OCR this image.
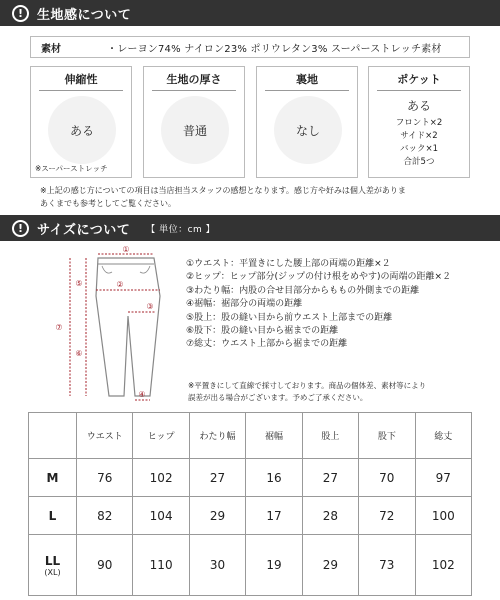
!	生地感について
素材	・レーヨン74% ナイロン23% ポリウレタン3% スーパーストレッチ素材
伸縮性
ある
※スーパーストレッチ
生地の厚さ
普通
裏地
なし
ポケット
ある
フロント×2
サイド×2
バック×1
合計5つ
※上記の感じ方についての項目は当店担当スタッフの感想となります。感じ方や好みは個人差がありま
あくまでも参考としてご覧ください。
!	サイズについて 【 単位：cm 】
①
②
③
④
⑤
⑥
⑦
①ウエスト：平置きにした腰上部の両端の距離×２
②ヒップ：ヒップ部分(ジップの付け根をめやす)の両端の距離×２
③わたり幅：内股の合せ目部分からももの外側までの距離
④裾幅：裾部分の両端の距離
⑤股上：股の縫い目から前ウエスト上部までの距離
⑥股下：股の縫い目から裾までの距離
⑦総丈：ウエスト上部から裾までの距離
※平置きにして直線で採寸しております。商品の個体差、素材等により
誤差が出る場合がございます。予めご了承ください。
	ウエスト	ヒップ	わたり幅	裾幅	股上	股下	総丈
M	76	102	27	16	27	70	97
L	82	104	29	17	28	72	100
LL
(XL)	90	110	30	19	29	73	102
